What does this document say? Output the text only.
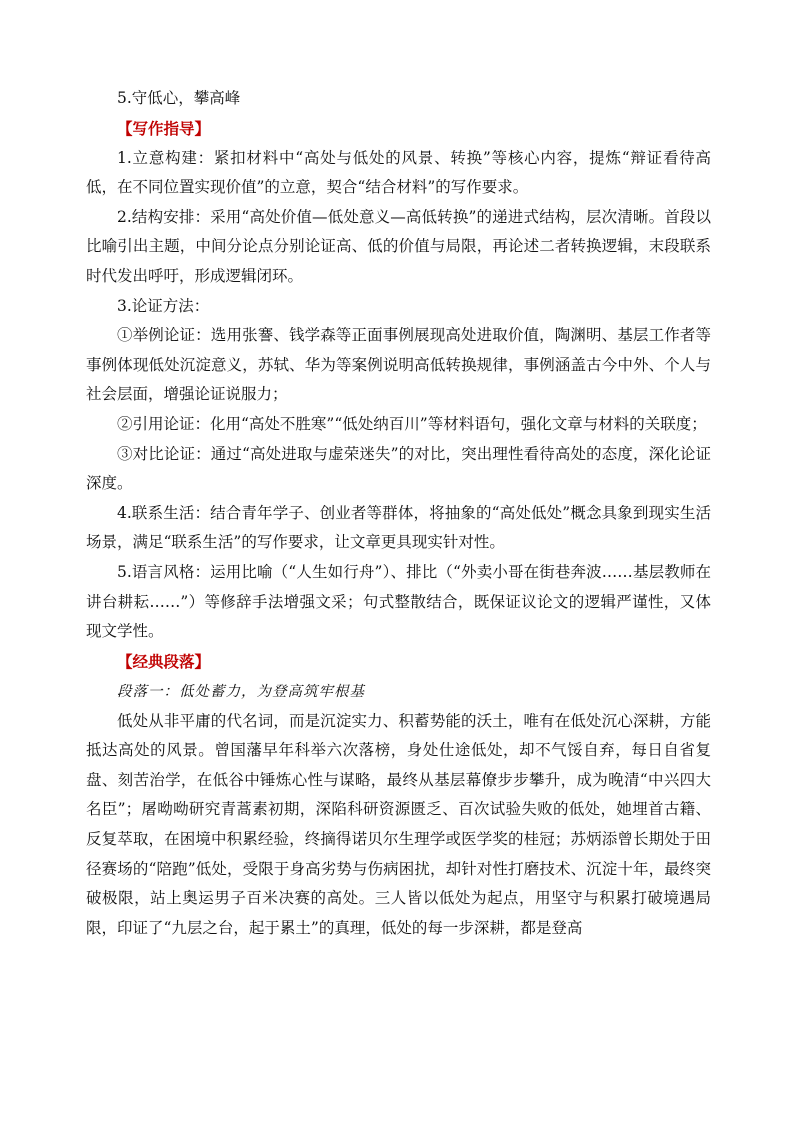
5.守低心，攀高峰
【写作指导】
1.立意构建：紧扣材料中“高处与低处的风景、转换”等核心内容，提炼“辩证看待高低，在不同位置实现价值”的立意，契合“结合材料”的写作要求。
2.结构安排：采用“高处价值—低处意义—高低转换”的递进式结构，层次清晰。首段以比喻引出主题，中间分论点分别论证高、低的价值与局限，再论述二者转换逻辑，末段联系时代发出呼吁，形成逻辑闭环。
3.论证方法：
①举例论证：选用张謇、钱学森等正面事例展现高处进取价值，陶渊明、基层工作者等事例体现低处沉淀意义，苏轼、华为等案例说明高低转换规律，事例涵盖古今中外、个人与社会层面，增强论证说服力；
②引用论证：化用“高处不胜寒”“低处纳百川”等材料语句，强化文章与材料的关联度；
③对比论证：通过“高处进取与虚荣迷失”的对比，突出理性看待高处的态度，深化论证深度。
4.联系生活：结合青年学子、创业者等群体，将抽象的“高处低处”概念具象到现实生活场景，满足“联系生活”的写作要求，让文章更具现实针对性。
5.语言风格：运用比喻（“人生如行舟”）、排比（“外卖小哥在街巷奔波……基层教师在讲台耕耘……”）等修辞手法增强文采；句式整散结合，既保证议论文的逻辑严谨性，又体现文学性。
【经典段落】
段落一：低处蓄力，为登高筑牢根基
低处从非平庸的代名词，而是沉淀实力、积蓄势能的沃土，唯有在低处沉心深耕，方能抵达高处的风景。曾国藩早年科举六次落榜，身处仕途低处，却不气馁自弃，每日自省复盘、刻苦治学，在低谷中锤炼心性与谋略，最终从基层幕僚步步攀升，成为晚清“中兴四大名臣”；屠呦呦研究青蒿素初期，深陷科研资源匮乏、百次试验失败的低处，她埋首古籍、反复萃取，在困境中积累经验，终摘得诺贝尔生理学或医学奖的桂冠；苏炳添曾长期处于田径赛场的“陪跑”低处，受限于身高劣势与伤病困扰，却针对性打磨技术、沉淀十年，最终突破极限，站上奥运男子百米决赛的高处。三人皆以低处为起点，用坚守与积累打破境遇局限，印证了“九层之台，起于累土”的真理，低处的每一步深耕，都是登高
